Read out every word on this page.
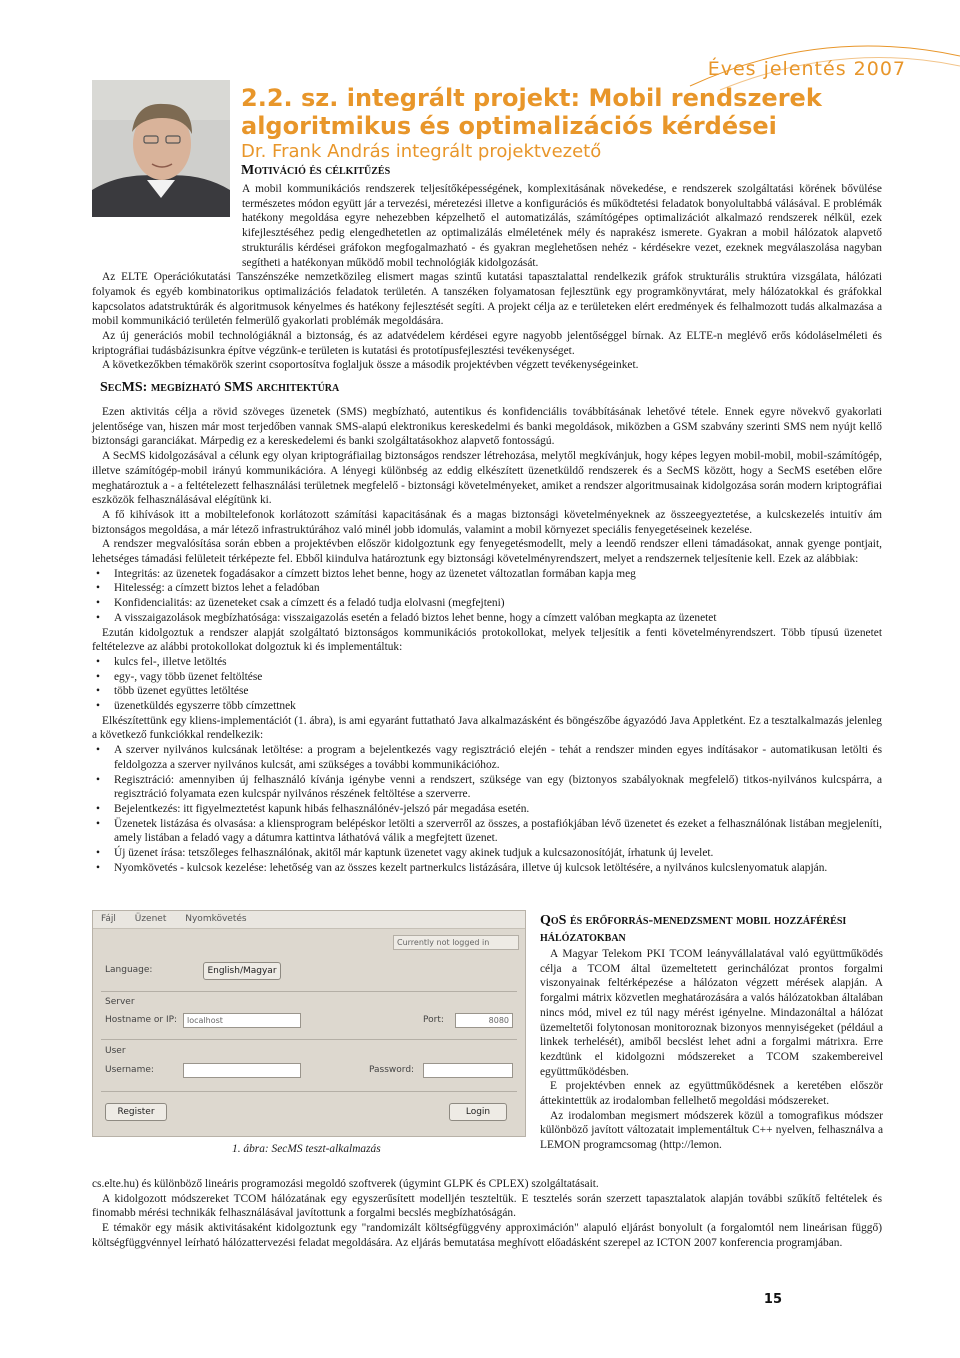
Éves jelentés 2007
2.2. sz. integrált projekt: Mobil rendszerek algoritmikus és optimalizációs kérdései
Dr. Frank András integrált projektvezető
Motiváció és célkitűzés

A mobil kommunikációs rendszerek teljesítőképességének, komplexitásának növekedése, e rendszerek szolgáltatási körének bővülése természetes módon együtt jár a tervezési, méretezési illetve a konfigurációs és működtetési feladatok bonyolultabbá válásával. E problémák hatékony megoldása egyre nehezebben képzelhető el automatizálás, számítógépes optimalizációt alkalmazó rendszerek nélkül, ezek kifejlesztéséhez pedig elengedhetetlen az optimalizálás elméletének mély és naprakész ismerete. Gyakran a mobil hálózatok alapvető strukturális kérdései gráfokon megfogalmazható - és gyakran meglehetősen nehéz - kérdésekre vezet, ezeknek megválaszolása nagyban segítheti a hatékonyan működő mobil technológiák kidolgozását.

Az ELTE Operációkutatási Tanszénszéke nemzetközileg elismert magas szintű kutatási tapasztalattal rendelkezik gráfok strukturális struktúra vizsgálata, hálózati folyamok és egyéb kombinatorikus optimalizációs feladatok területén. A tanszéken folyamatosan fejlesztünk egy programkönyvtárat, mely hálózatokkal és gráfokkal kapcsolatos adatstruktúrák és algoritmusok kényelmes és hatékony fejlesztését segíti. A projekt célja az e területeken elért eredmények és felhalmozott tudás alkalmazása a mobil kommunikáció területén felmerülő gyakorlati problémák megoldására.

Az új generációs mobil technológiáknál a biztonság, és az adatvédelem kérdései egyre nagyobb jelentőséggel bírnak. Az ELTE-n meglévő erős kódoláselméleti és kriptográfiai tudásbázisunkra építve végzünk-e területen is kutatási és prototípusfejlesztési tevékenységet.

A következőkben témakörök szerint csoportosítva foglaljuk össze a második projektévben végzett tevékenységeinket.

SecMS: megbízható SMS architektúra

Ezen aktivitás célja a rövid szöveges üzenetek (SMS) megbízható, autentikus és konfidenciális továbbításának lehetővé tétele. Ennek egyre növekvő gyakorlati jelentősége van, hiszen már most terjedőben vannak SMS-alapú elektronikus kereskedelmi és banki megoldások, miközben a GSM szabvány szerinti SMS nem nyújt kellő biztonsági garanciákat. Márpedig ez a kereskedelemi és banki szolgáltatásokhoz alapvető fontosságú.

A SecMS kidolgozásával a célunk egy olyan kriptográfiailag biztonságos rendszer létrehozása, melytől megkívánjuk, hogy képes legyen mobil-mobil, mobil-számítógép, illetve számítógép-mobil irányú kommunikációra. A lényegi különbség az eddig elkészített üzenetküldő rendszerek és a SecMS között, hogy a SecMS esetében előre meghatároztuk a - a feltételezett felhasználási területnek megfelelő - biztonsági követelményeket, amiket a rendszer algoritmusainak kidolgozása során modern kriptográfiai eszközök felhasználásával elégítünk ki.

A fő kihívások itt a mobiltelefonok korlátozott számítási kapacitásának és a magas biztonsági követelményeknek az összeegyeztetése, a kulcskezelés intuitív ám biztonságos megoldása, a már létező infrastruktúrához való minél jobb idomulás, valamint a mobil környezet speciális fenyegetéseinek kezelése.

A rendszer megvalósítása során ebben a projektévben először kidolgoztunk egy fenyegetésmodellt, mely a leendő rendszer elleni támadásokat, annak gyenge pontjait, lehetséges támadási felületeit térképezte fel. Ebből kiindulva határoztunk egy biztonsági követelményrendszert, melyet a rendszernek teljesítenie kell. Ezek az alábbiak:

• Integritás: az üzenetek fogadásakor a címzett biztos lehet benne, hogy az üzenetet változatlan formában kapja meg
• Hitelesség: a címzett biztos lehet a feladóban
• Konfidencialitás: az üzeneteket csak a címzett és a feladó tudja elolvasni (megfejteni)
• A visszaigazolások megbízhatósága: visszaigazolás esetén a feladó biztos lehet benne, hogy a címzett valóban megkapta az üzenetet

Ezután kidolgoztuk a rendszer alapját szolgáltató biztonságos kommunikációs protokollokat, melyek teljesítik a fenti követelményrendszert. Több típusú üzenetet feltételezve az alábbi protokollokat dolgoztuk ki és implementáltuk:

• kulcs fel-, illetve letöltés
• egy-, vagy több üzenet feltöltése
• több üzenet együttes letöltése
• üzenetküldés egyszerre több címzettnek

Elkészítettünk egy kliens-implementációt (1. ábra), is ami egyaránt futtatható Java alkalmazásként és böngészőbe ágyazódó Java Appletként. Ez a tesztalkalmazás jelenleg a következő funkciókkal rendelkezik:

• A szerver nyilvános kulcsának letöltése: a program a bejelentkezés vagy regisztráció elején - tehát a rendszer minden egyes indításakor - automatikusan letölti és feldolgozza a szerver nyilvános kulcsát, ami szükséges a további kommunikációhoz.
• Regisztráció: amennyiben új felhasználó kívánja igénybe venni a rendszert, szüksége van egy (biztonyos szabályoknak megfelelő) titkos-nyilvános kulcspárra, a regisztráció folyamata ezen kulcspár nyilvános részének feltöltése a szerverre.
• Bejelentkezés: itt figyelmeztetést kapunk hibás felhasználónév-jelszó pár megadása esetén.
• Üzenetek listázása és olvasása: a kliensprogram belépéskor letölti a szerverről az összes, a postafiókjában lévő üzenetet és ezeket a felhasználónak listában megjeleníti, amely listában a feladó vagy a dátumra kattintva láthatóvá válik a megfejtett üzenet.
• Új üzenet írása: tetszőleges felhasználónak, akitől már kaptunk üzenetet vagy akinek tudjuk a kulcsazonosítóját, írhatunk új levelet.
• Nyomkövetés - kulcsok kezelése: lehetőség van az összes kezelt partnerkulcs listázására, illetve új kulcsok letöltésére, a nyilvános kulcslenyomatuk alapján.
Fájl Üzenet Nyomkövetés
Currently not logged in
Language:	English/Magyar
Server
Hostname or IP:	localhost	Port:	8080
User
Username:	Password:
Register	Login
1. ábra: SecMS teszt-alkalmazás
QoS és erőforrás-menedzsment mobil hozzáférési hálózatokban

A Magyar Telekom PKI TCOM leányvállalatával való együttműködés célja a TCOM által üzemeltetett gerinchálózat prontos forgalmi viszonyainak feltérképezése a hálózaton végzett mérések alapján. A forgalmi mátrix közvetlen meghatározására a valós hálózatokban általában nincs mód, mivel ez túl nagy mérést igényelne. Mindazonáltal a hálózat üzemeltetői folytonosan monitoroznak bizonyos mennyiségeket (például a linkek terhelését), amiből becslést lehet adni a forgalmi mátrixra. Erre kezdtünk el kidolgozni módszereket a TCOM szakembereivel együttműködésben.

E projektévben ennek az együttműködésnek a keretében először áttekintettük az irodalomban fellelhető megoldási módszereket.

Az irodalomban megismert módszerek közül a tomografikus módszer különböző javított változatait implementáltuk C++ nyelven, felhasználva a LEMON programcsomag (http://lemon.

cs.elte.hu) és különböző lineáris programozási megoldó szoftverek (úgymint GLPK és CPLEX) szolgáltatásait.

A kidolgozott módszereket TCOM hálózatának egy egyszerűsített modelljén teszteltük. E tesztelés során szerzett tapasztalatok alapján további szűkítő feltételek és finomabb mérési technikák felhasználásával javítottunk a forgalmi becslés megbízhatóságán.

E témakör egy másik aktivitásaként kidolgoztunk egy "randomizált költségfüggvény approximáción" alapuló eljárást bonyolult (a forgalomtól nem lineárisan függő) költségfüggvénnyel leírható hálózattervezési feladat megoldására. Az eljárás bemutatása meghívott előadásként szerepel az ICTON 2007 konferencia programjában.

15
